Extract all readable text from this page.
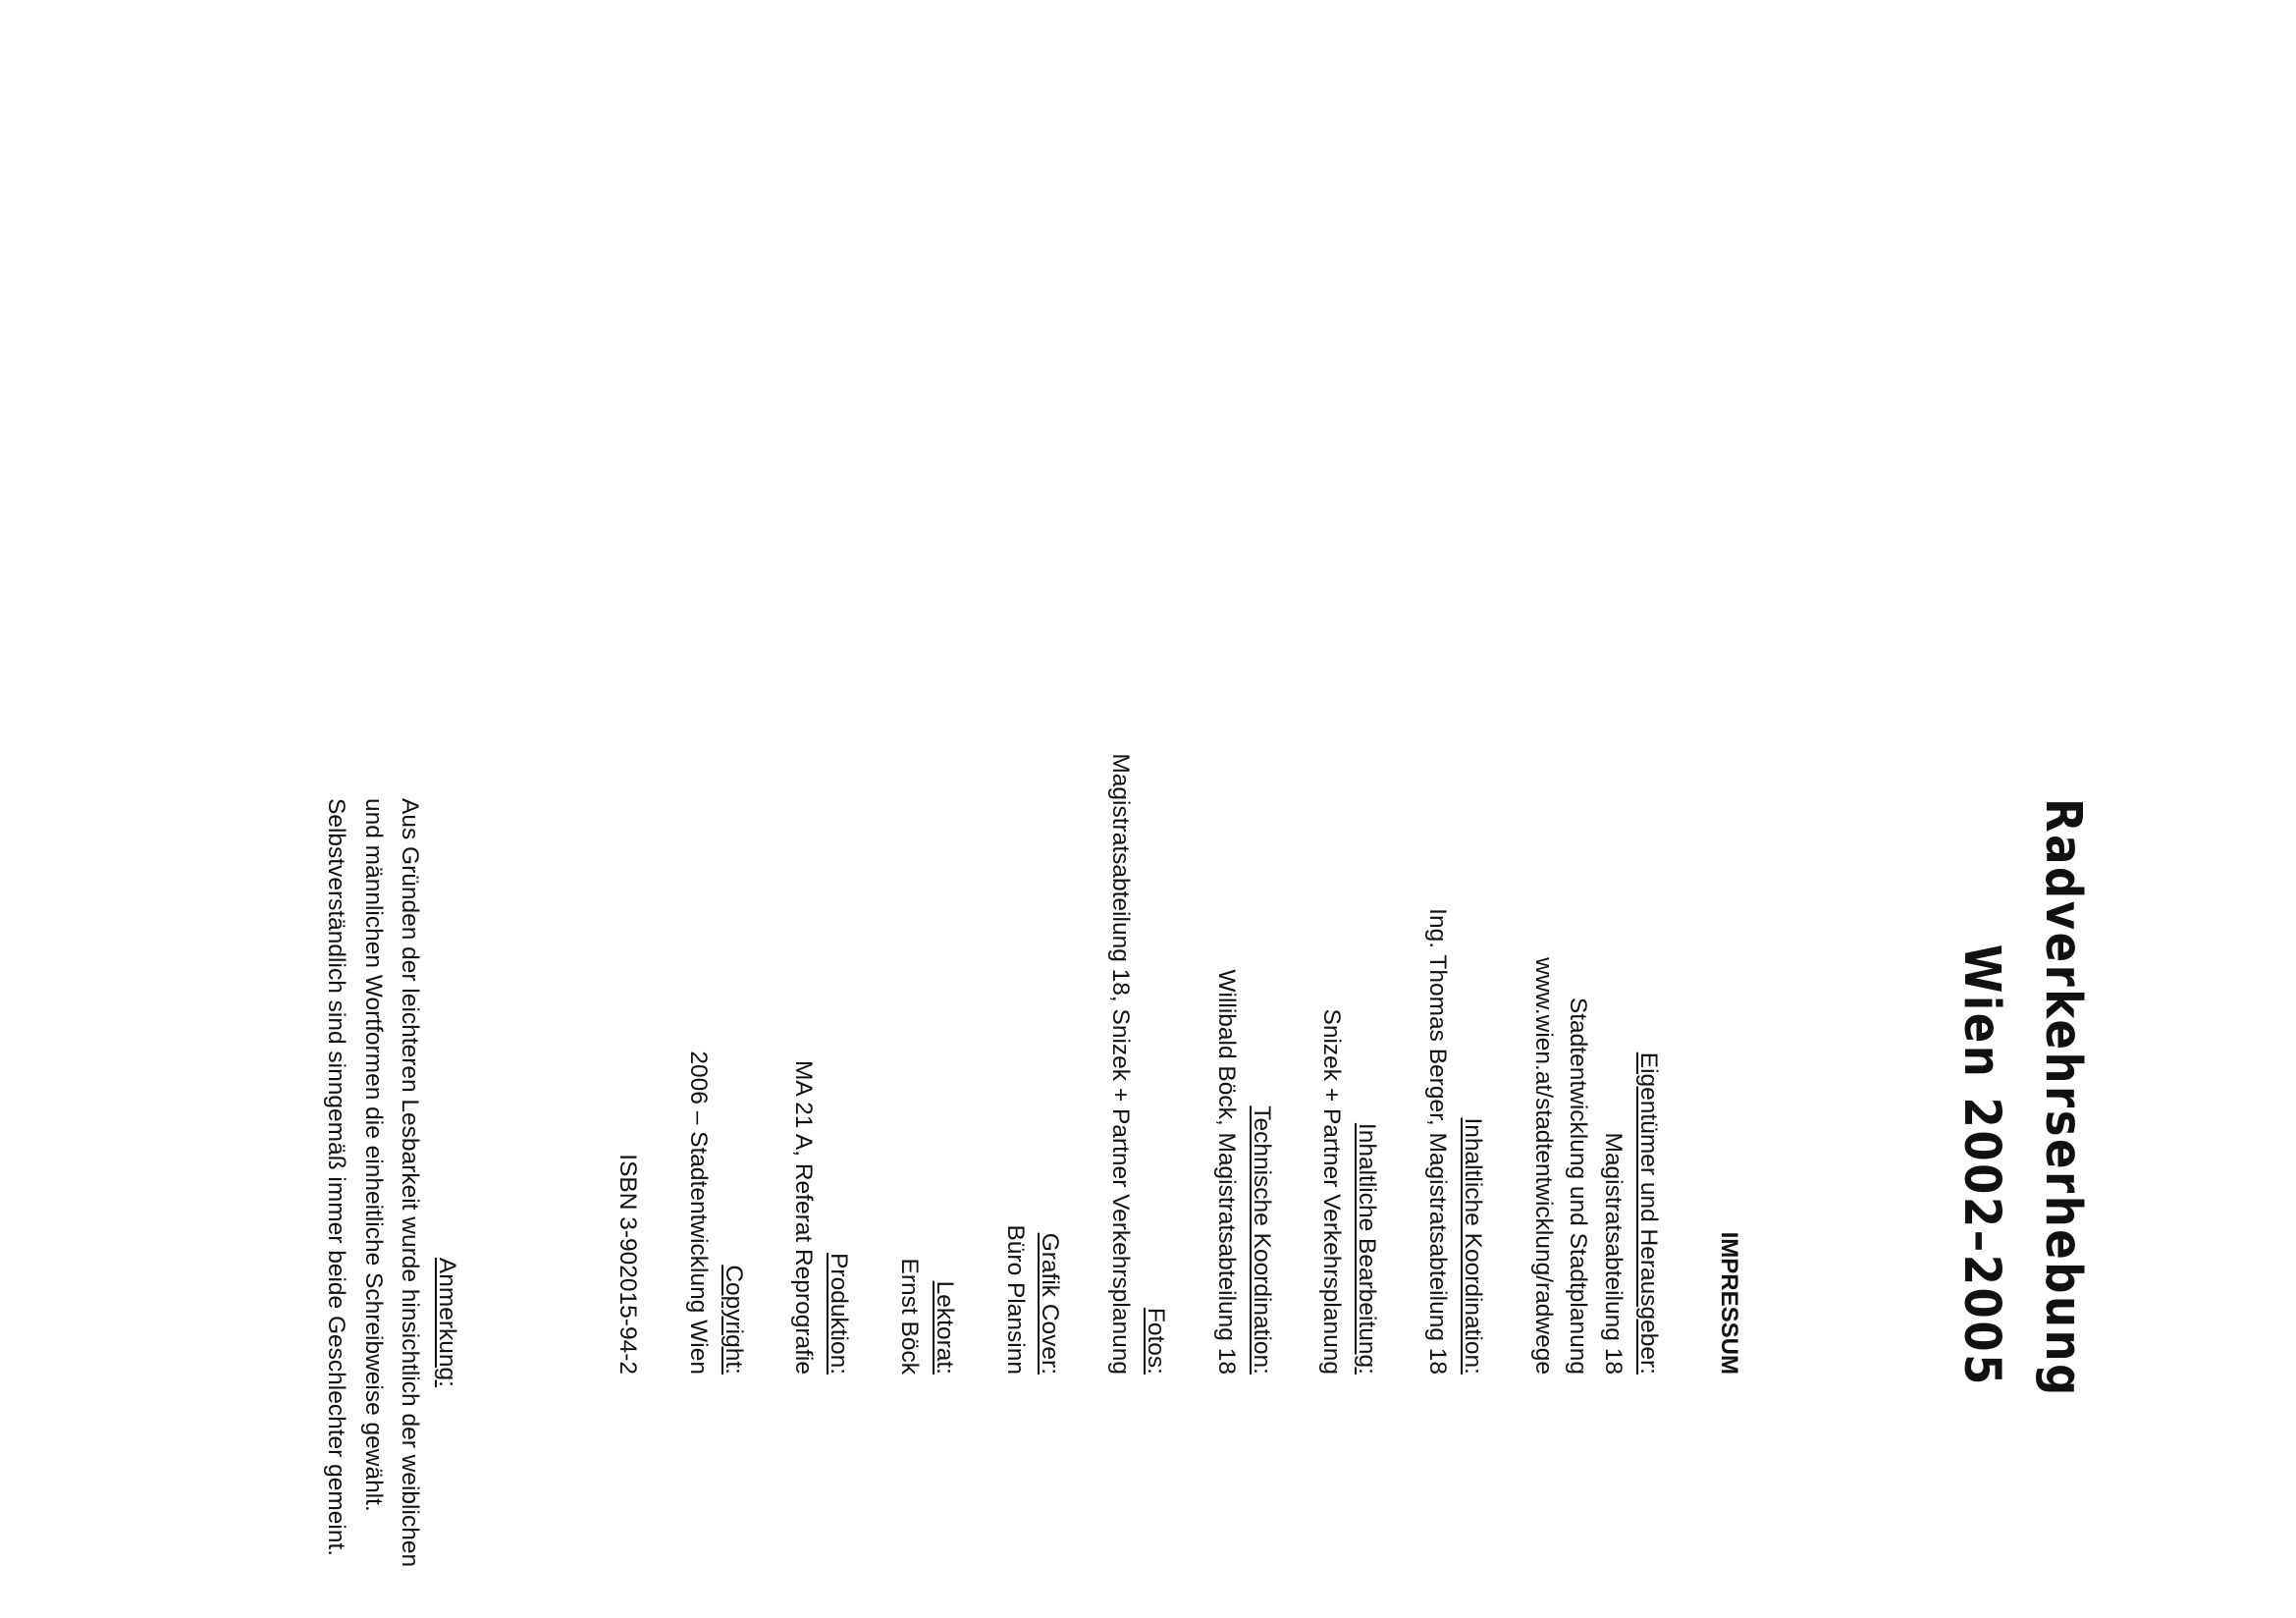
Radverkehrserhebung
Wien 2002–2005
IMPRESSUM
Eigentümer und Herausgeber:
Magistratsabteilung 18
Stadtentwicklung und Stadtplanung
www.wien.at/stadtentwicklung/radwege
Inhaltliche Koordination:
Ing. Thomas Berger, Magistratsabteilung 18
Inhaltliche Bearbeitung:
Snizek + Partner Verkehrsplanung
Technische Koordination:
Willibald Böck, Magistratsabteilung 18
Fotos:
Magistratsabteilung 18, Snizek + Partner Verkehrsplanung
Grafik Cover:
Büro Plansinn
Lektorat:
Ernst Böck
Produktion:
MA 21 A, Referat Reprografie
Copyright:
2006 – Stadtentwicklung Wien
ISBN 3-902015-94-2
Anmerkung:
Aus Gründen der leichteren Lesbarkeit wurde hinsichtlich der weiblichen
und männlichen Wortformen die einheitliche Schreibweise gewählt.
Selbstverständlich sind sinngemäß immer beide Geschlechter gemeint.
